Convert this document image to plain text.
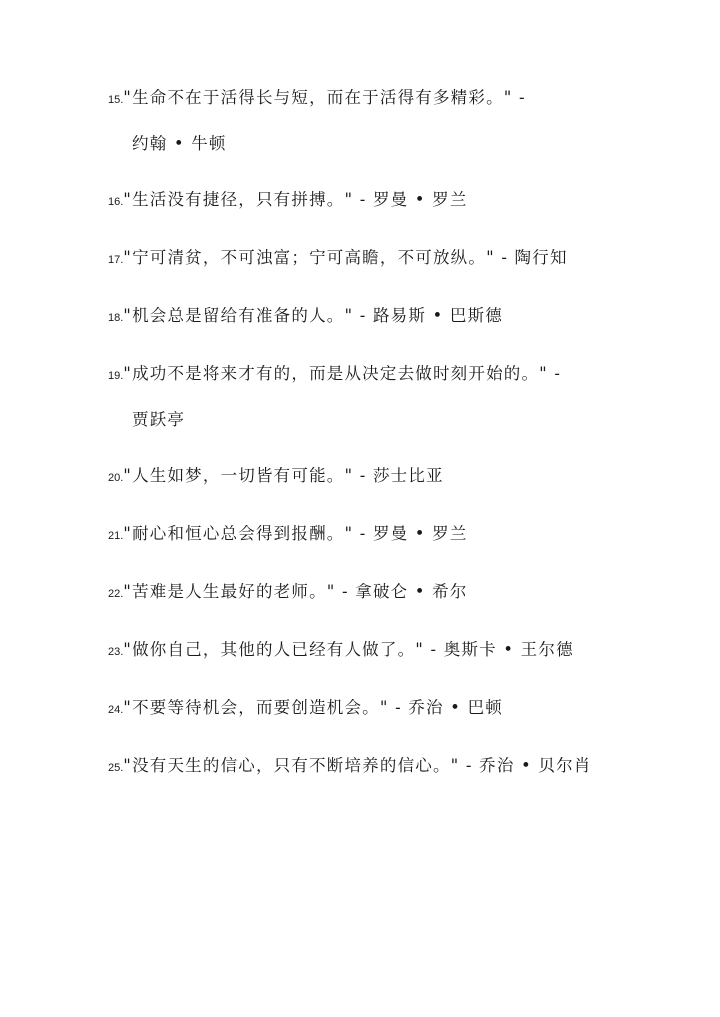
15."生命不在于活得长与短，而在于活得有多精彩。" -
约翰 • 牛顿
16."生活没有捷径，只有拼搏。" - 罗曼 • 罗兰
17."宁可清贫，不可浊富；宁可高瞻，不可放纵。" - 陶行知
18."机会总是留给有准备的人。" - 路易斯 • 巴斯德
19."成功不是将来才有的，而是从决定去做时刻开始的。" -
贾跃亭
20."人生如梦，一切皆有可能。" - 莎士比亚
21."耐心和恒心总会得到报酬。" - 罗曼 • 罗兰
22."苦难是人生最好的老师。" - 拿破仑 • 希尔
23."做你自己，其他的人已经有人做了。" - 奥斯卡 • 王尔德
24."不要等待机会，而要创造机会。" - 乔治 • 巴顿
25."没有天生的信心，只有不断培养的信心。" - 乔治 • 贝尔肖
